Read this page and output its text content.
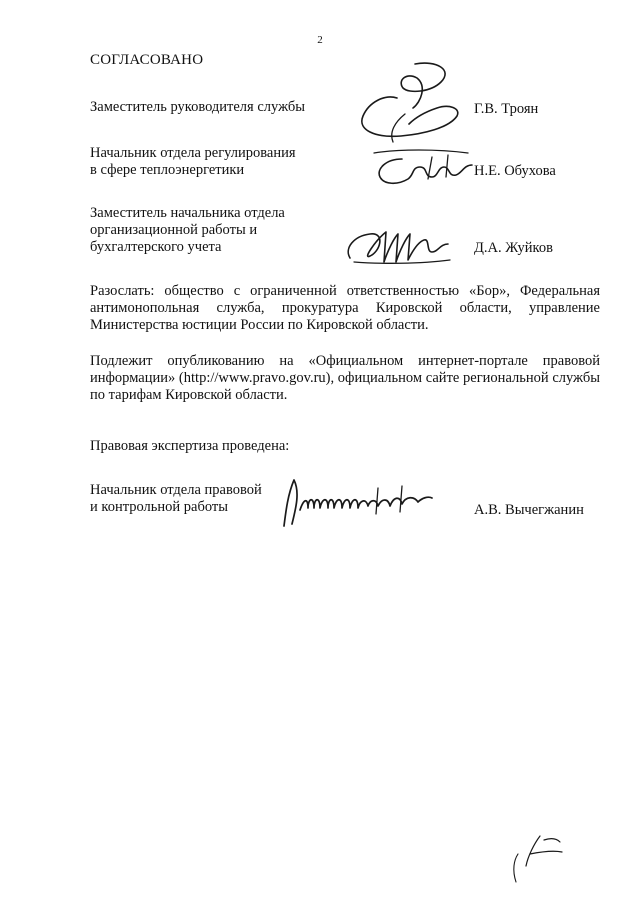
2
СОГЛАСОВАНО
Заместитель руководителя службы	Г.В. Троян
Начальник отдела регулирования
в сфере теплоэнергетики	Н.Е. Обухова
Заместитель начальника отдела
организационной работы и
бухгалтерского учета	Д.А. Жуйков
Разослать: общество с ограниченной ответственностью «Бор», Федеральная антимонопольная служба, прокуратура Кировской области, управление Министерства юстиции России по Кировской области.
Подлежит опубликованию на «Официальном интернет-портале правовой информации» (http://www.pravo.gov.ru), официальном сайте региональной службы по тарифам Кировской области.
Правовая экспертиза проведена:
Начальник отдела правовой
и контрольной работы	А.В. Вычегжанин
